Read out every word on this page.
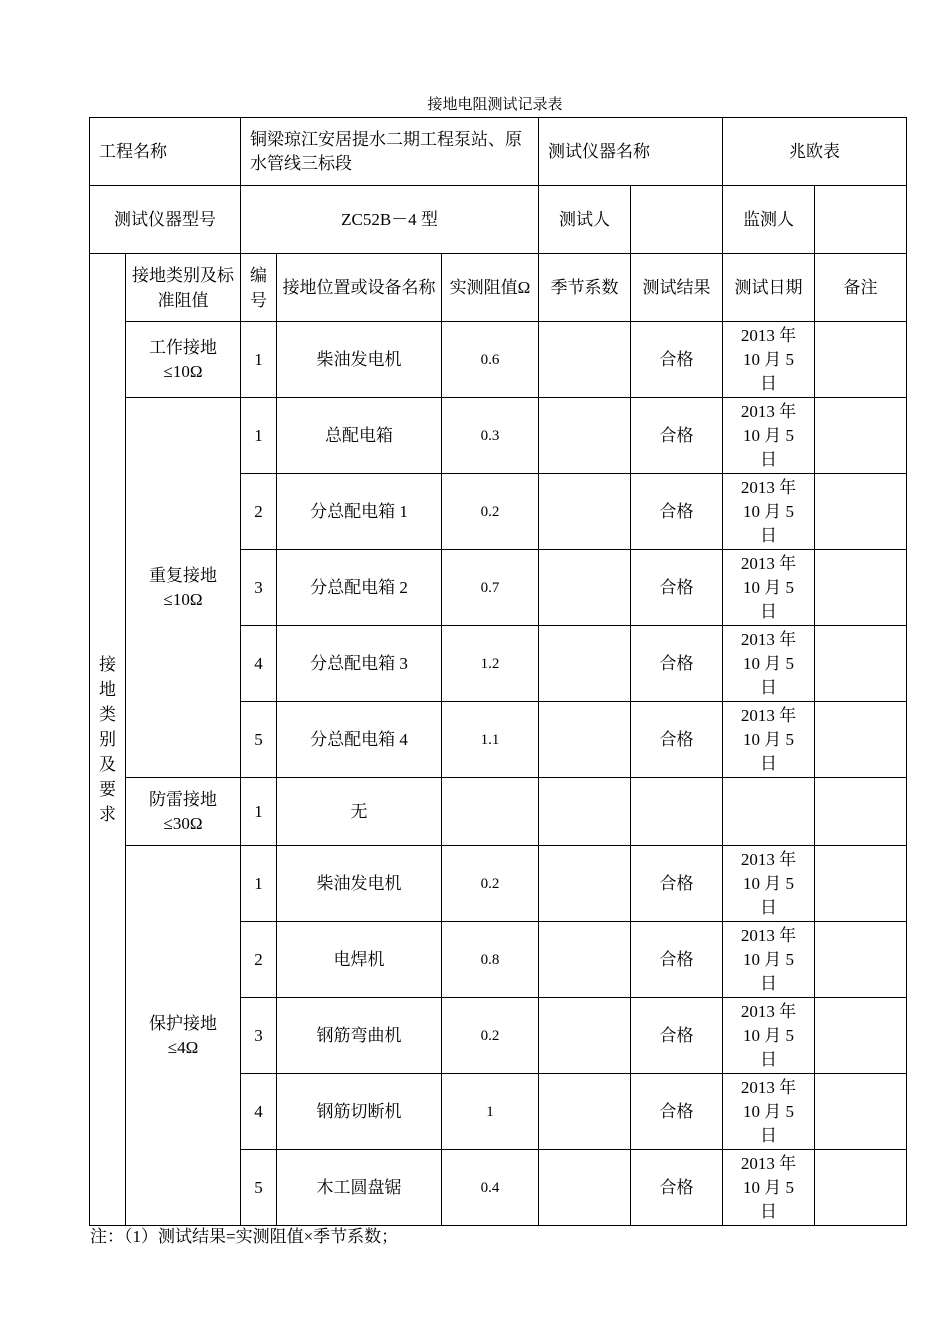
接地电阻测试记录表
工程名称		铜梁琼江安居提水二期工程泵站、原水管线三标段			测试仪器名称		兆欧表	
测试仪器型号		ZC52B－4 型			测试人		监测人	
接地类别及要求	接地类别及标准阻值	编号	接地位置或设备名称	实测阻值Ω	季节系数	测试结果	测试日期	备注
	工作接地≤10Ω	1	柴油发电机	0.6		合格	2013 年10 月 5 日	
	重复接地≤10Ω	1	总配电箱	0.3		合格	2013 年10 月 5 日	
		2	分总配电箱 1	0.2		合格	2013 年10 月 5 日	
		3	分总配电箱 2	0.7		合格	2013 年10 月 5 日	
		4	分总配电箱 3	1.2		合格	2013 年10 月 5 日	
		5	分总配电箱 4	1.1		合格	2013 年10 月 5 日	
	防雷接地≤30Ω	1	无					
	保护接地≤4Ω	1	柴油发电机	0.2		合格	2013 年10 月 5 日	
		2	电焊机	0.8		合格	2013 年10 月 5 日	
		3	钢筋弯曲机	0.2		合格	2013 年10 月 5 日	
		4	钢筋切断机	1		合格	2013 年10 月 5 日	
		5	木工圆盘锯	0.4		合格	2013 年10 月 5 日	
注：（1）测试结果=实测阻值×季节系数；
